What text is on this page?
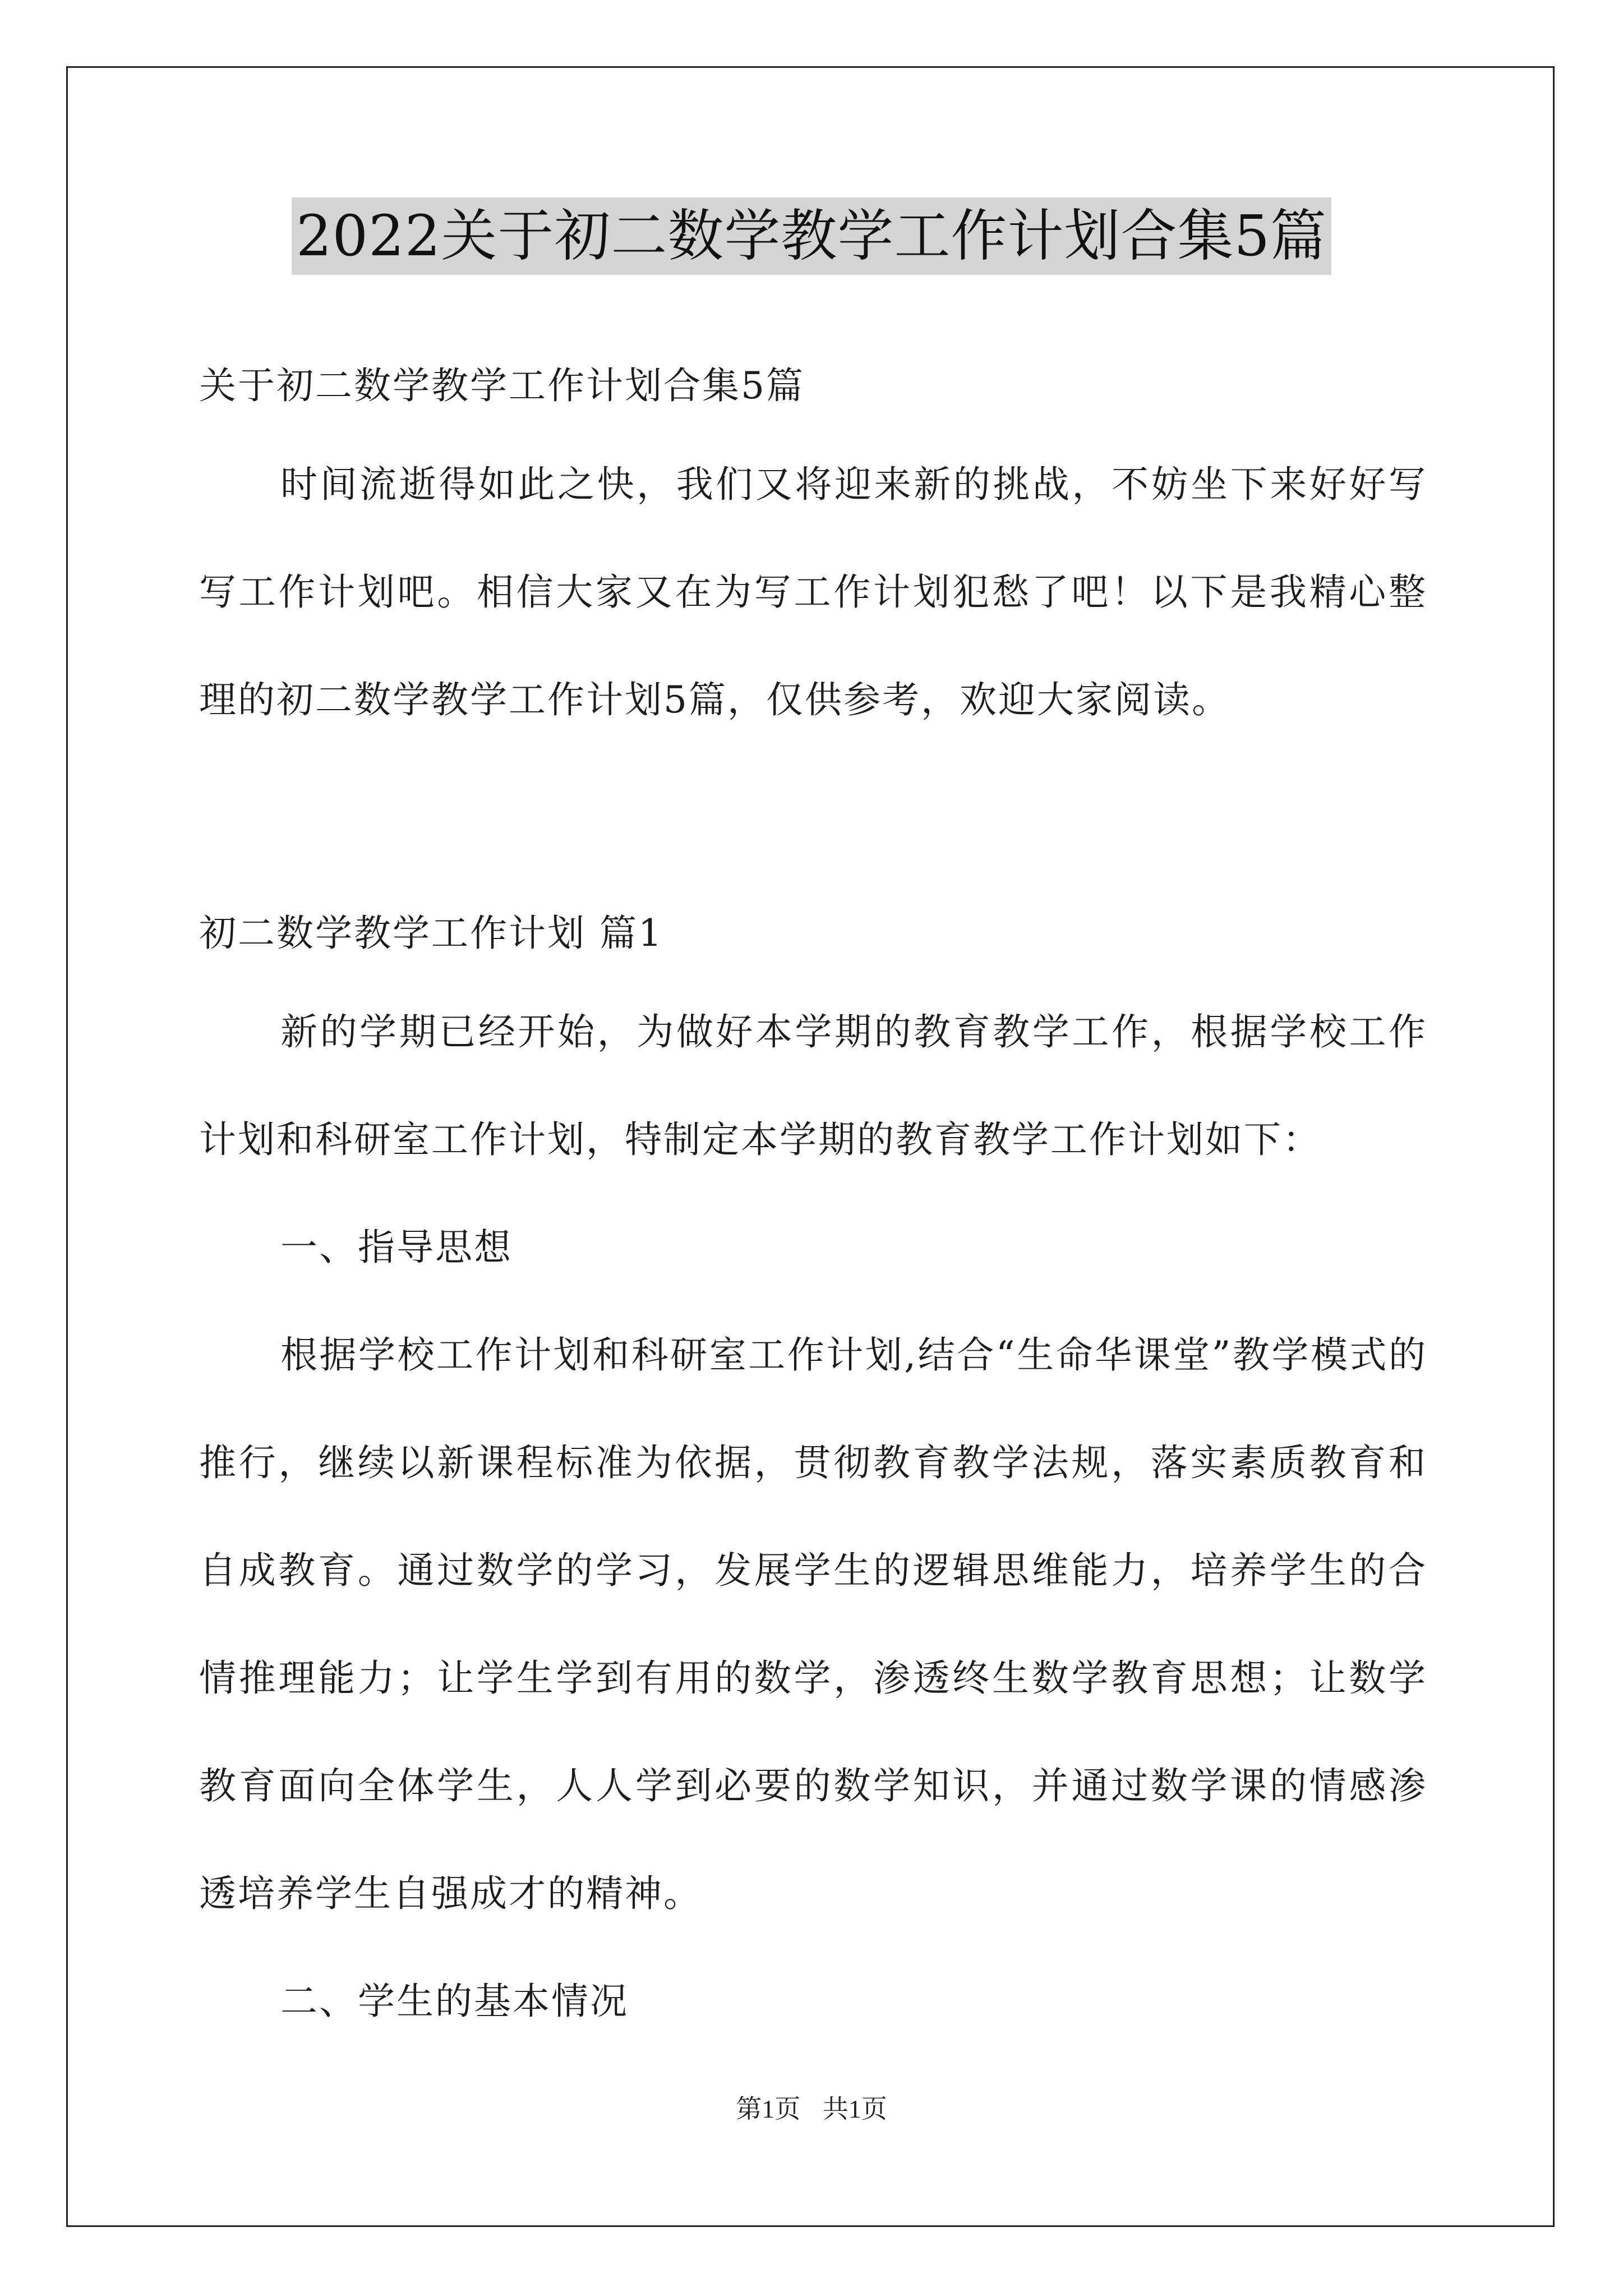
2022关于初二数学教学工作计划合集5篇

关于初二数学教学工作计划合集5篇

时间流逝得如此之快，我们又将迎来新的挑战，不妨坐下来好好写写工作计划吧。相信大家又在为写工作计划犯愁了吧！以下是我精心整理的初二数学教学工作计划5篇，仅供参考，欢迎大家阅读。

初二数学教学工作计划 篇1

新的学期已经开始，为做好本学期的教育教学工作，根据学校工作计划和科研室工作计划，特制定本学期的教育教学工作计划如下：

一、指导思想

根据学校工作计划和科研室工作计划,结合“生命华课堂”教学模式的推行，继续以新课程标准为依据，贯彻教育教学法规，落实素质教育和自成教育。通过数学的学习，发展学生的逻辑思维能力，培养学生的合情推理能力；让学生学到有用的数学，渗透终生数学教育思想；让数学教育面向全体学生，人人学到必要的数学知识，并通过数学课的情感渗透培养学生自强成才的精神。

二、学生的基本情况

第1页 共1页
